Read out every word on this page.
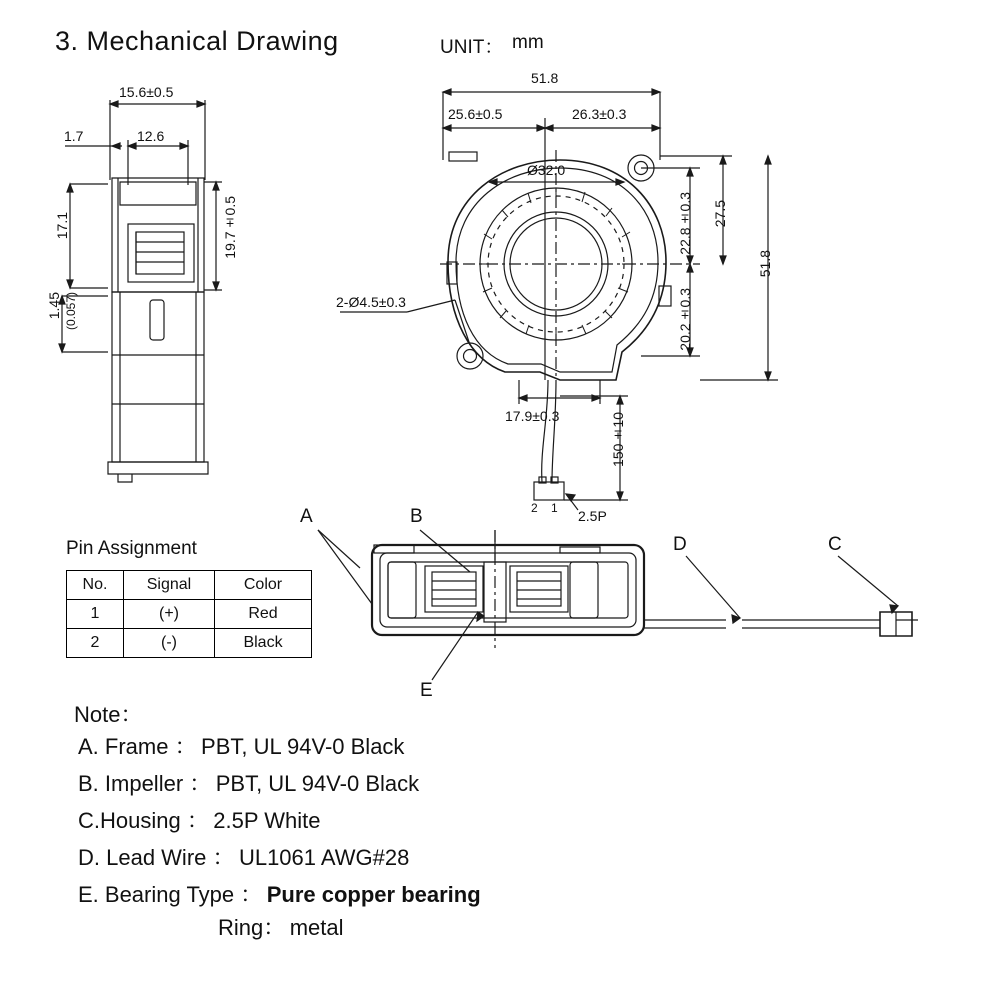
3. Mechanical Drawing	UNIT： mm
15.6±0.5
12.6
1.7
17.1	19.7±0.5
1.45 (0.057)
51.8
25.6±0.5	26.3±0.3
Ø32.0
2-Ø4.5±0.3
22.8±0.3
20.2±0.3
27.5
51.8
17.9±0.3	150±10
2 1 2.5P
A	B
C
D
E
Pin Assignment
No.	Signal	Color
1	(+)	Red
2	(-)	Black
Note：
A. Frame ： PBT, UL 94V-0 Black
B. Impeller ： PBT, UL 94V-0 Black
C.Housing ： 2.5P White
D. Lead Wire ： UL1061 AWG#28
E. Bearing Type ： Pure copper bearing
Ring： metal
